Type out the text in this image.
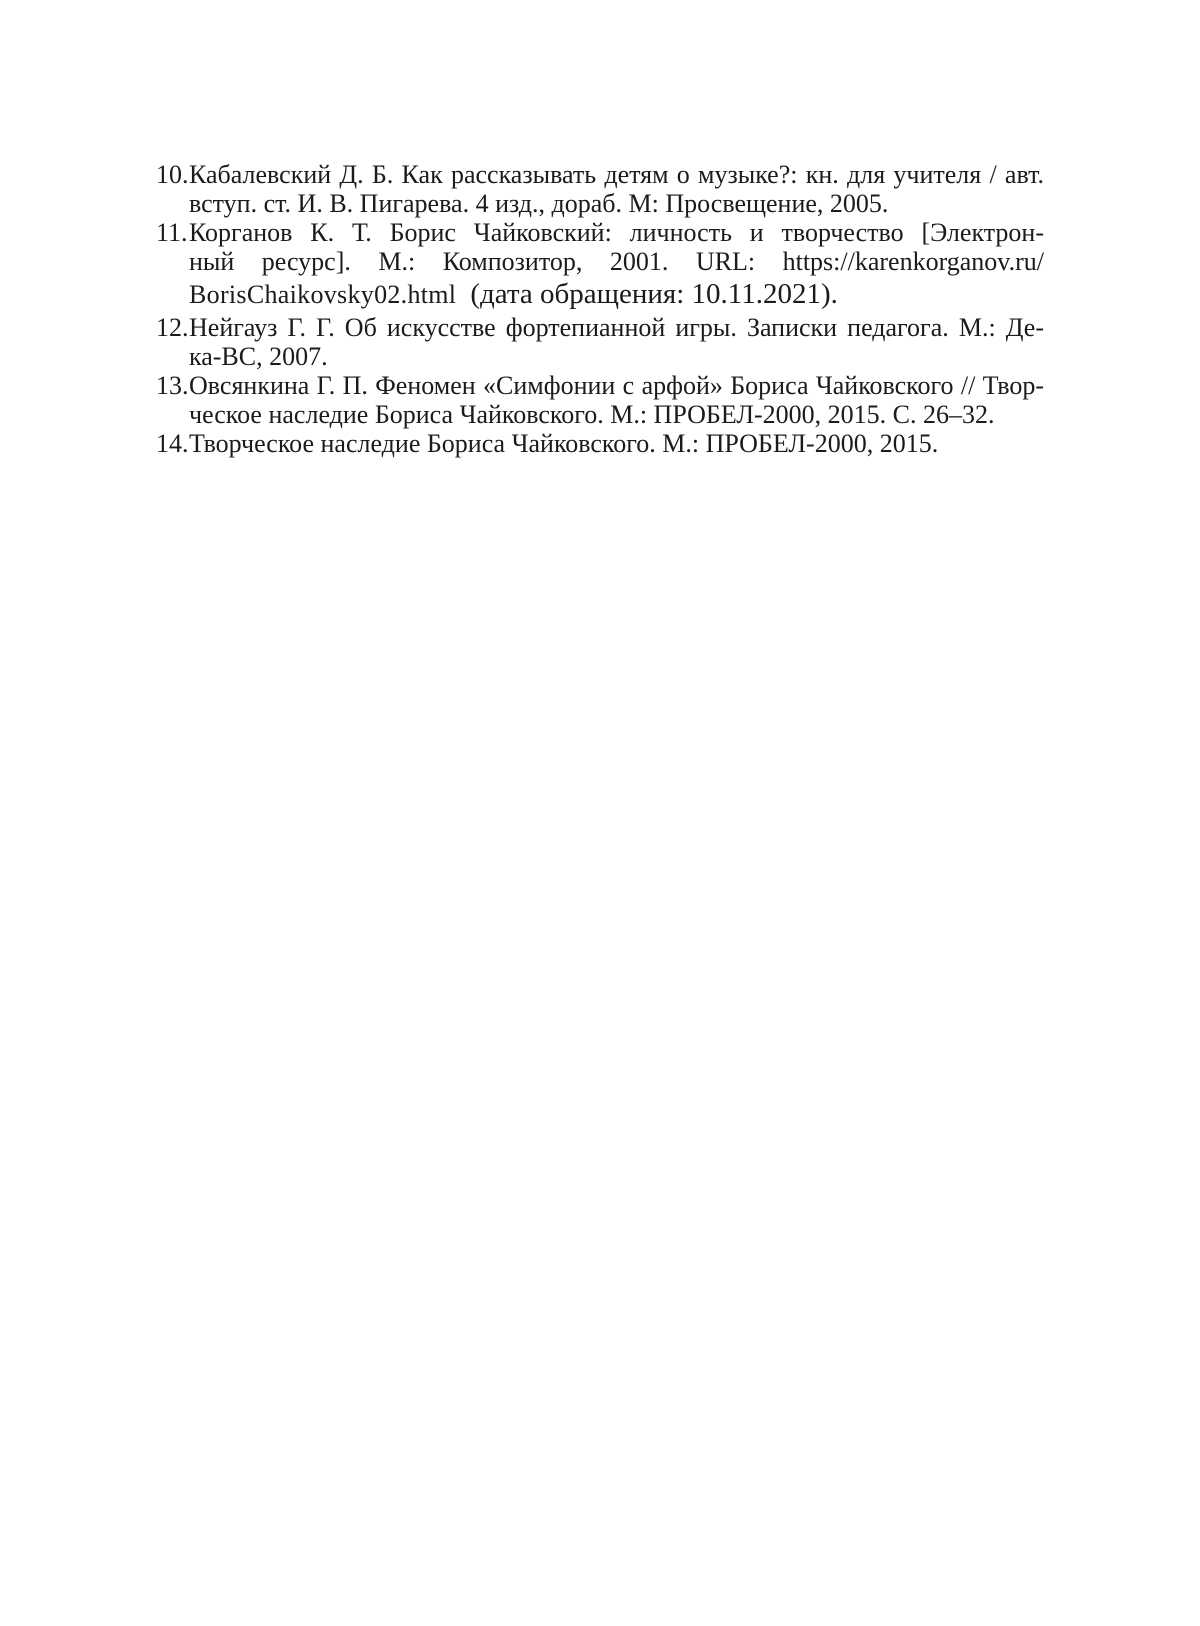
10. Кабалевский Д. Б. Как рассказывать детям о музыке?: кн. для учителя / авт.
вступ. ст. И. В. Пигарева. 4 изд., дораб. М: Просвещение, 2005.
11. Корганов К. Т. Борис Чайковский: личность и творчество [Электрон-
ный ресурс]. М.: Композитор, 2001. URL: https://karenkorganov.ru/
BorisChaikovsky02.html (дата обращения: 10.11.2021).
12. Нейгауз Г. Г. Об искусстве фортепианной игры. Записки педагога. М.: Де-
ка-ВС, 2007.
13. Овсянкина Г. П. Феномен «Симфонии с арфой» Бориса Чайковского // Твор-
ческое наследие Бориса Чайковского. М.: ПРОБЕЛ-2000, 2015. С. 26–32.
14. Творческое наследие Бориса Чайковского. М.: ПРОБЕЛ-2000, 2015.
